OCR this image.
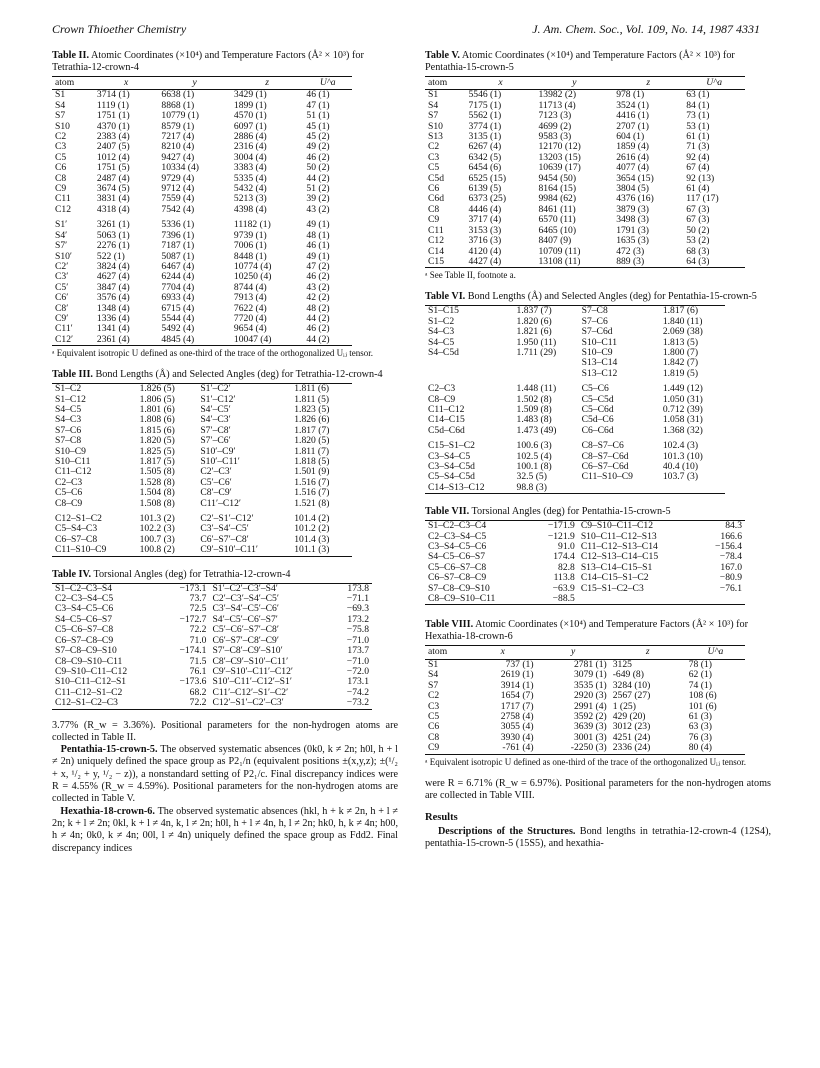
Crown Thioether Chemistry	J. Am. Chem. Soc., Vol. 109, No. 14, 1987 4331
Table II. Atomic Coordinates (×10⁴) and Temperature Factors (Å² × 10³) for Tetrathia-12-crown-4
atom	x	y	z	U^a
S1	3714 (1)	6638 (1)	3429 (1)	46 (1)
S4	1119 (1)	8868 (1)	1899 (1)	47 (1)
S7	1751 (1)	10779 (1)	4570 (1)	51 (1)
S10	4370 (1)	8579 (1)	6097 (1)	45 (1)
C2	2383 (4)	7217 (4)	2886 (4)	45 (2)
C3	2407 (5)	8210 (4)	2316 (4)	49 (2)
C5	1012 (4)	9427 (4)	3004 (4)	46 (2)
C6	1751 (5)	10334 (4)	3383 (4)	50 (2)
C8	2487 (4)	9729 (4)	5335 (4)	44 (2)
C9	3674 (5)	9712 (4)	5432 (4)	51 (2)
C11	3831 (4)	7559 (4)	5213 (3)	39 (2)
C12	4318 (4)	7542 (4)	4398 (4)	43 (2)
S1′	3261 (1)	5336 (1)	11182 (1)	49 (1)
S4′	5063 (1)	7396 (1)	9739 (1)	48 (1)
S7′	2276 (1)	7187 (1)	7006 (1)	46 (1)
S10′	522 (1)	5087 (1)	8448 (1)	49 (1)
C2′	3824 (4)	6467 (4)	10774 (4)	47 (2)
C3′	4627 (4)	6244 (4)	10250 (4)	46 (2)
C5′	3847 (4)	7704 (4)	8744 (4)	43 (2)
C6′	3576 (4)	6933 (4)	7913 (4)	42 (2)
C8′	1348 (4)	6715 (4)	7622 (4)	48 (2)
C9′	1336 (4)	5544 (4)	7720 (4)	44 (2)
C11′	1341 (4)	5492 (4)	9654 (4)	46 (2)
C12′	2361 (4)	4845 (4)	10047 (4)	44 (2)
ᵃ Equivalent isotropic U defined as one-third of the trace of the orthogonalized Uᵢⱼ tensor.
Table III. Bond Lengths (Å) and Selected Angles (deg) for Tetrathia-12-crown-4
S1–C2	1.826 (5)	S1′–C2′	1.811 (6)
S1–C12	1.806 (5)	S1′–C12′	1.811 (5)
S4–C5	1.801 (6)	S4′–C5′	1.823 (5)
S4–C3	1.808 (6)	S4′–C3′	1.826 (6)
S7–C6	1.815 (6)	S7′–C8′	1.817 (7)
S7–C8	1.820 (5)	S7′–C6′	1.820 (5)
S10–C9	1.825 (5)	S10′–C9′	1.811 (7)
S10–C11	1.817 (5)	S10′–C11′	1.818 (5)
C11–C12	1.505 (8)	C2′–C3′	1.501 (9)
C2–C3	1.528 (8)	C5′–C6′	1.516 (7)
C5–C6	1.504 (8)	C8′–C9′	1.516 (7)
C8–C9	1.508 (8)	C11′–C12′	1.521 (8)
C12–S1–C2	101.3 (2)	C2′–S1′–C12′	101.4 (2)
C5–S4–C3	102.2 (3)	C3′–S4′–C5′	101.2 (2)
C6–S7–C8	100.7 (3)	C6′–S7′–C8′	101.4 (3)
C11–S10–C9	100.8 (2)	C9′–S10′–C11′	101.1 (3)
Table IV. Torsional Angles (deg) for Tetrathia-12-crown-4
S1–C2–C3–S4	−173.1	S1′–C2′–C3′–S4′	173.8
C2–C3–S4–C5	73.7	C2′–C3′–S4′–C5′	−71.1
C3–S4–C5–C6	72.5	C3′–S4′–C5′–C6′	−69.3
S4–C5–C6–S7	−172.7	S4′–C5′–C6′–S7′	173.2
C5–C6–S7–C8	72.2	C5′–C6′–S7′–C8′	−75.8
C6–S7–C8–C9	71.0	C6′–S7′–C8′–C9′	−71.0
S7–C8–C9–S10	−174.1	S7′–C8′–C9′–S10′	173.7
C8–C9–S10–C11	71.5	C8′–C9′–S10′–C11′	−71.0
C9–S10–C11–C12	76.1	C9′–S10′–C11′–C12′	−72.0
S10–C11–C12–S1	−173.6	S10′–C11′–C12′–S1′	173.1
C11–C12–S1–C2	68.2	C11′–C12′–S1′–C2′	−74.2
C12–S1–C2–C3	72.2	C12′–S1′–C2′–C3′	−73.2

3.77% (R_w = 3.36%). Positional parameters for the non-hydrogen atoms are collected in Table II.

Pentathia-15-crown-5. The observed systematic absences (0k0, k ≠ 2n; h0l, h + l ≠ 2n) uniquely defined the space group as P2₁/n (equivalent positions ±(x,y,z); ±(¹/₂ + x, ¹/₂ + y, ¹/₂ − z)), a nonstandard setting of P2₁/c. Final discrepancy indices were R = 4.55% (R_w = 4.59%). Positional parameters for the non-hydrogen atoms are collected in Table V.

Hexathia-18-crown-6. The observed systematic absences (hkl, h + k ≠ 2n, h + l ≠ 2n; k + l ≠ 2n; 0kl, k + l ≠ 4n, k, l ≠ 2n; h0l, h + l ≠ 4n, h, l ≠ 2n; hk0, h, k ≠ 4n; h00, h ≠ 4n; 0k0, k ≠ 4n; 00l, l ≠ 4n) uniquely defined the space group as Fdd2. Final discrepancy indices

Table V. Atomic Coordinates (×10⁴) and Temperature Factors (Å² × 10³) for Pentathia-15-crown-5
atom	x	y	z	U^a
S1	5546 (1)	13982 (2)	978 (1)	63 (1)
S4	7175 (1)	11713 (4)	3524 (1)	84 (1)
S7	5562 (1)	7123 (3)	4416 (1)	73 (1)
S10	3774 (1)	4699 (2)	2707 (1)	53 (1)
S13	3135 (1)	9583 (3)	604 (1)	61 (1)
C2	6267 (4)	12170 (12)	1859 (4)	71 (3)
C3	6342 (5)	13203 (15)	2616 (4)	92 (4)
C5	6454 (6)	10639 (17)	4077 (4)	67 (4)
C5d	6525 (15)	9454 (50)	3654 (15)	92 (13)
C6	6139 (5)	8164 (15)	3804 (5)	61 (4)
C6d	6373 (25)	9984 (62)	4376 (16)	117 (17)
C8	4446 (4)	8461 (11)	3879 (3)	67 (3)
C9	3717 (4)	6570 (11)	3498 (3)	67 (3)
C11	3153 (3)	6465 (10)	1791 (3)	50 (2)
C12	3716 (3)	8407 (9)	1635 (3)	53 (2)
C14	4120 (4)	10709 (11)	472 (3)	68 (3)
C15	4427 (4)	13108 (11)	889 (3)	64 (3)
ᵃ See Table II, footnote a.
Table VI. Bond Lengths (Å) and Selected Angles (deg) for Pentathia-15-crown-5
S1–C15	1.837 (7)	S7–C8	1.817 (6)
S1–C2	1.820 (6)	S7–C6	1.840 (11)
S4–C3	1.821 (6)	S7–C6d	2.069 (38)
S4–C5	1.950 (11)	S10–C11	1.813 (5)
S4–C5d	1.711 (29)	S10–C9	1.800 (7)
		S13–C14	1.842 (7)
		S13–C12	1.819 (5)
C2–C3	1.448 (11)	C5–C6	1.449 (12)
C8–C9	1.502 (8)	C5–C5d	1.050 (31)
C11–C12	1.509 (8)	C5–C6d	0.712 (39)
C14–C15	1.483 (8)	C5d–C6	1.058 (31)
C5d–C6d	1.473 (49)	C6–C6d	1.368 (32)
C15–S1–C2	100.6 (3)	C8–S7–C6	102.4 (3)
C3–S4–C5	102.5 (4)	C8–S7–C6d	101.3 (10)
C3–S4–C5d	100.1 (8)	C6–S7–C6d	40.4 (10)
C5–S4–C5d	32.5 (5)	C11–S10–C9	103.7 (3)
C14–S13–C12	98.8 (3)		
Table VII. Torsional Angles (deg) for Pentathia-15-crown-5
S1–C2–C3–C4	−171.9	C9–S10–C11–C12	84.3
C2–C3–S4–C5	−121.9	S10–C11–C12–S13	166.6
C3–S4–C5–C6	91.0	C11–C12–S13–C14	−156.4
S4–C5–C6–S7	174.4	C12–S13–C14–C15	−78.4
C5–C6–S7–C8	82.8	S13–C14–C15–S1	167.0
C6–S7–C8–C9	113.8	C14–C15–S1–C2	−80.9
S7–C8–C9–S10	−63.9	C15–S1–C2–C3	−76.1
C8–C9–S10–C11	−88.5		
Table VIII. Atomic Coordinates (×10⁴) and Temperature Factors (Å² × 10³) for Hexathia-18-crown-6
atom	x	y	z	U^a
S1	737 (1)	2781 (1)	3125	78 (1)
S4	2619 (1)	3079 (1)	-649 (8)	62 (1)
S7	3914 (1)	3535 (1)	3284 (10)	74 (1)
C2	1654 (7)	2920 (3)	2567 (27)	108 (6)
C3	1717 (7)	2991 (4)	1 (25)	101 (6)
C5	2758 (4)	3592 (2)	429 (20)	61 (3)
C6	3055 (4)	3639 (3)	3012 (23)	63 (3)
C8	3930 (4)	3001 (3)	4251 (24)	76 (3)
C9	-761 (4)	-2250 (3)	2336 (24)	80 (4)
ᵃ Equivalent isotropic U defined as one-third of the trace of the orthogonalized Uᵢⱼ tensor.

were R = 6.71% (R_w = 6.97%). Positional parameters for the non-hydrogen atoms are collected in Table VIII.

Results

Descriptions of the Structures. Bond lengths in tetrathia-12-crown-4 (12S4), pentathia-15-crown-5 (15S5), and hexathia-
